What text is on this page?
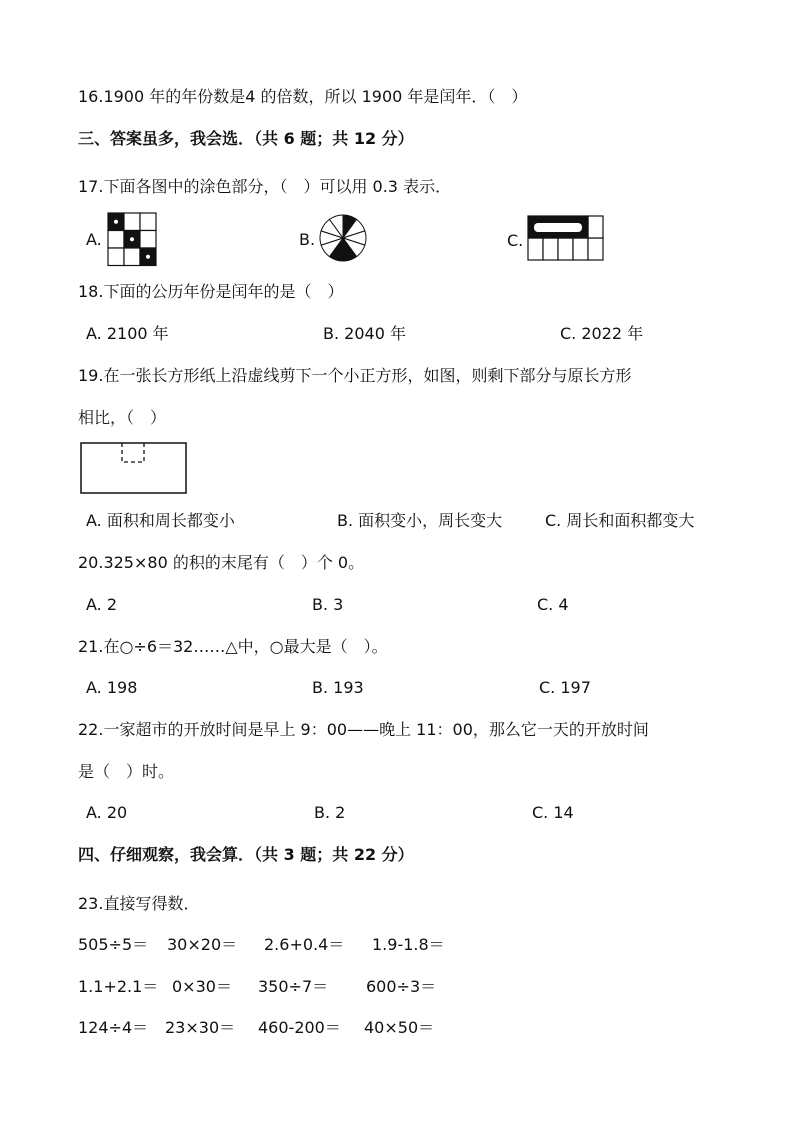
16.1900 年的年份数是4 的倍数，所以 1900 年是闰年．（　）
三、答案虽多，我会选．（共 6 题；共 12 分）
17.下面各图中的涂色部分，（　）可以用 0.3 表示．
A.	B.	C.
18.下面的公历年份是闰年的是（　）
A. 2100 年	B. 2040 年	C. 2022 年
19.在一张长方形纸上沿虚线剪下一个小正方形，如图，则剩下部分与原长方形
相比，（　）
A. 面积和周长都变小	B. 面积变小，周长变大	C. 周长和面积都变大
20.325×80 的积的末尾有（　）个 0。
A. 2	B. 3	C. 4
21.在○÷6＝32……△中，○最大是（　）。
A. 198	B. 193	C. 197
22.一家超市的开放时间是早上 9：00——晚上 11：00，那么它一天的开放时间
是（　）时。
A. 20	B. 2	C. 14
四、仔细观察，我会算．（共 3 题；共 22 分）
23.直接写得数．
505÷5＝ 30×20＝ 2.6+0.4＝ 1.9-1.8＝
1.1+2.1＝ 0×30＝ 350÷7＝ 600÷3＝
124÷4＝ 23×30＝ 460-200＝ 40×50＝
